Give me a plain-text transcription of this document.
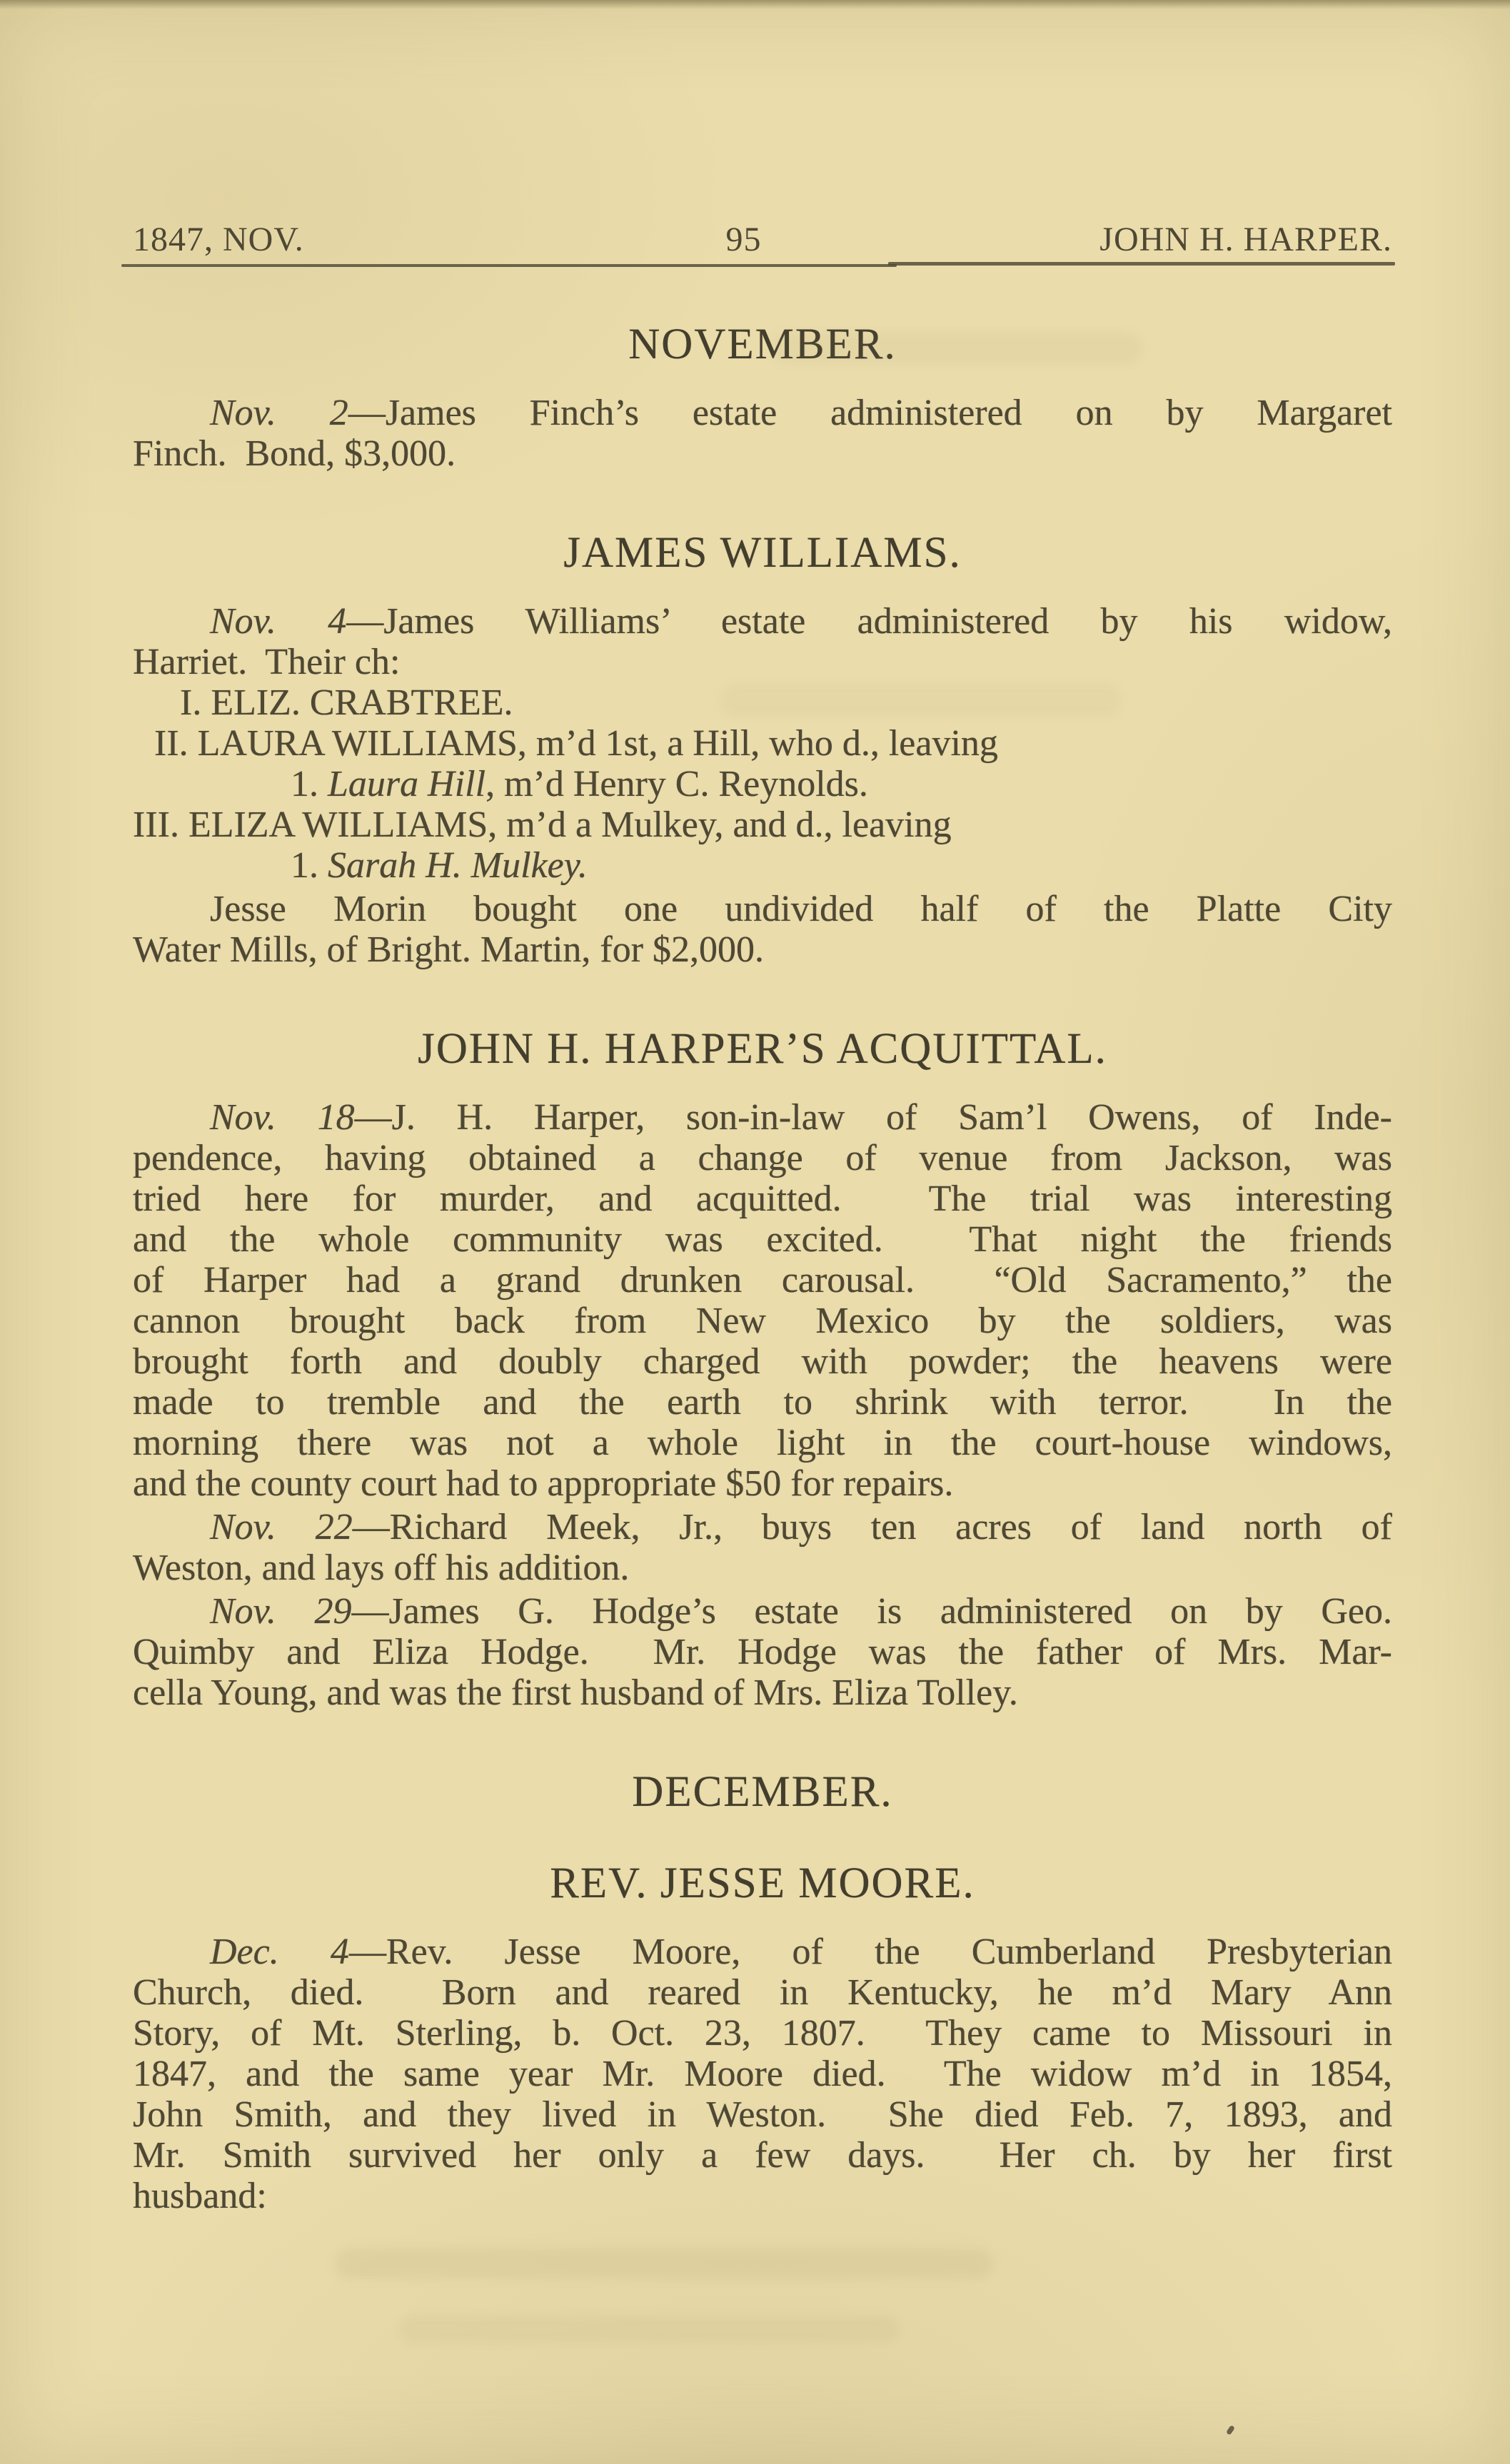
1847, NOV.	95	JOHN H. HARPER.
NOVEMBER.
Nov. 2—James Finch’s estate administered on by Margaret
Finch.  Bond, $3,000.
JAMES WILLIAMS.
Nov. 4—James Williams’ estate administered by his widow,
Harriet.  Their ch:
I. ELIZ. CRABTREE.
II. LAURA WILLIAMS, m’d 1st, a Hill, who d., leaving
1. Laura Hill, m’d Henry C. Reynolds.
III. ELIZA WILLIAMS, m’d a Mulkey, and d., leaving
1. Sarah H. Mulkey.
Jesse Morin bought one undivided half of the Platte City
Water Mills, of Bright. Martin, for $2,000.
JOHN H. HARPER’S ACQUITTAL.
Nov. 18—J. H. Harper, son-in-law of Sam’l Owens, of Inde-
pendence, having obtained a change of venue from Jackson, was
tried here for murder, and acquitted.  The trial was interesting
and the whole community was excited.  That night the friends
of Harper had a grand drunken carousal.  “Old Sacramento,” the
cannon brought back from New Mexico by the soldiers, was
brought forth and doubly charged with powder; the heavens were
made to tremble and the earth to shrink with terror.  In the
morning there was not a whole light in the court-house windows,
and the county court had to appropriate $50 for repairs.
Nov. 22—Richard Meek, Jr., buys ten acres of land north of
Weston, and lays off his addition.
Nov. 29—James G. Hodge’s estate is administered on by Geo.
Quimby and Eliza Hodge.  Mr. Hodge was the father of Mrs. Mar-
cella Young, and was the first husband of Mrs. Eliza Tolley.
DECEMBER.
REV. JESSE MOORE.
Dec. 4—Rev. Jesse Moore, of the Cumberland Presbyterian
Church, died.  Born and reared in Kentucky, he m’d Mary Ann
Story, of Mt. Sterling, b. Oct. 23, 1807.  They came to Missouri in
1847, and the same year Mr. Moore died.  The widow m’d in 1854,
John Smith, and they lived in Weston.  She died Feb. 7, 1893, and
Mr. Smith survived her only a few days.  Her ch. by her first
husband:
